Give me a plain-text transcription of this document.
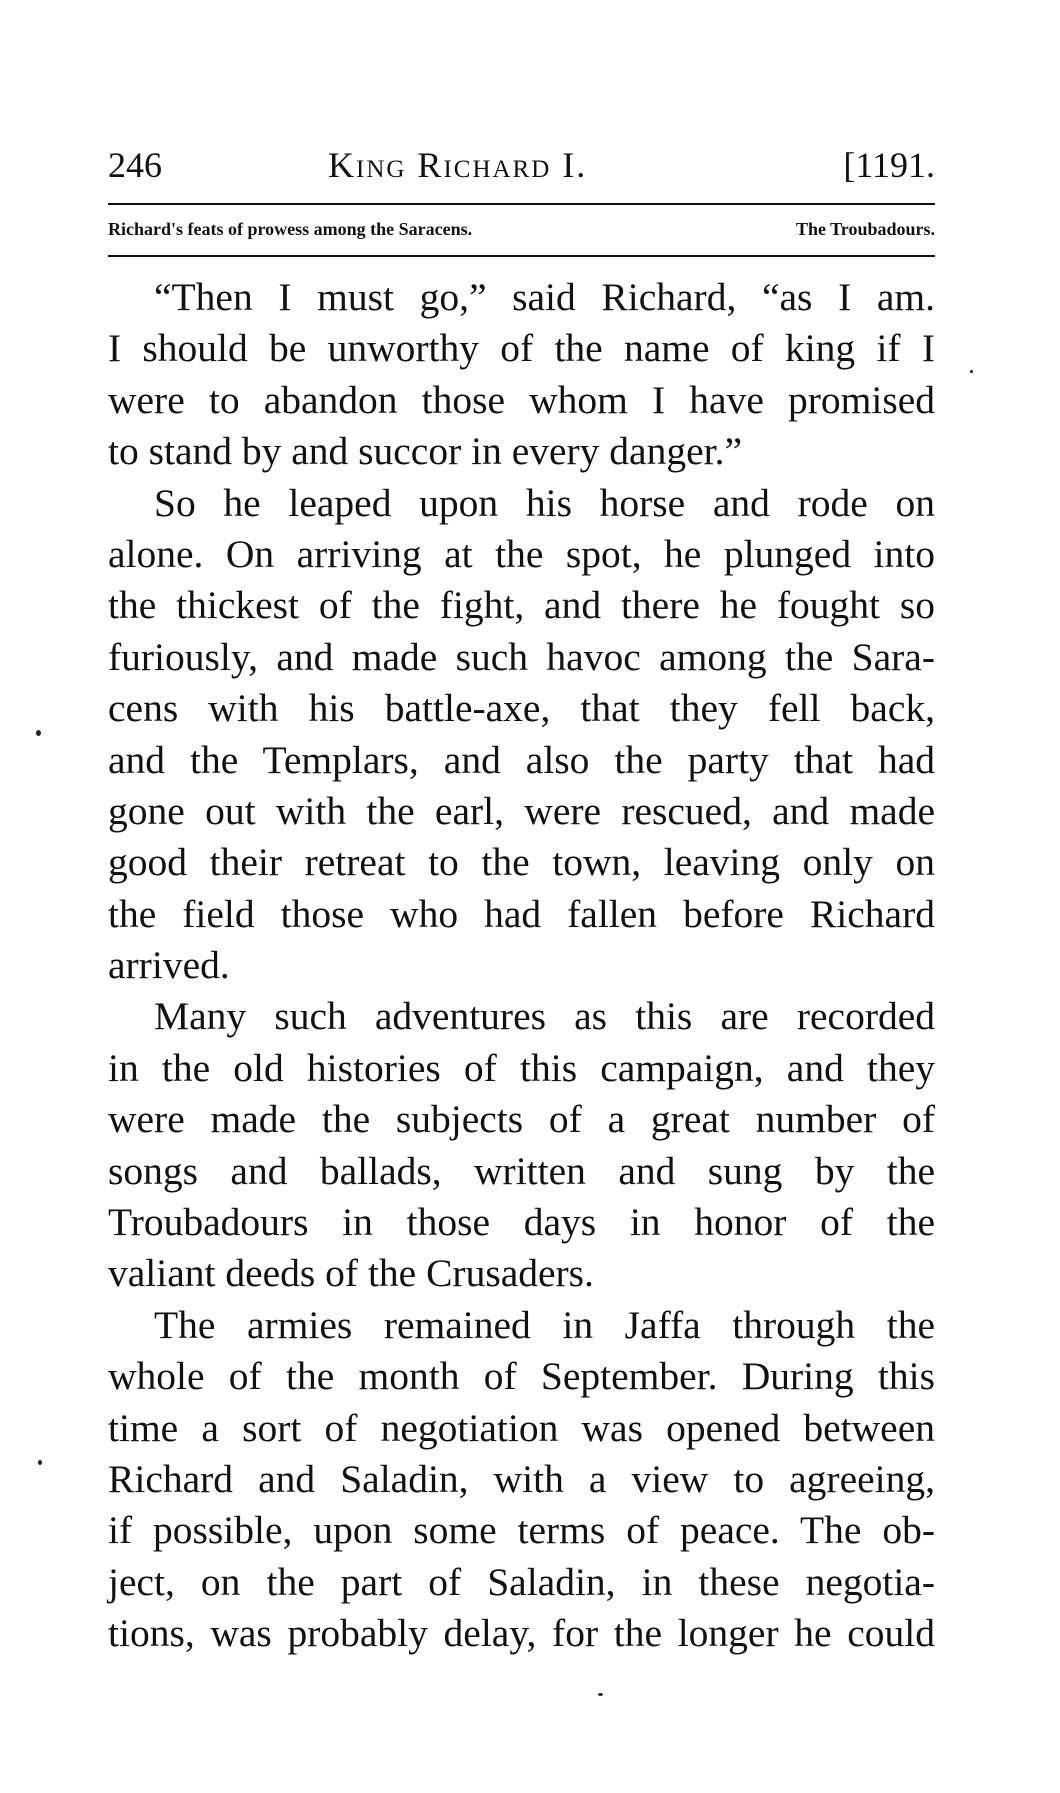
246	King Richard I.	[1191.
Richard's feats of prowess among the Saracens.	The Troubadours.
“Then I must go,” said Richard, “as I am.
I should be unworthy of the name of king if I
were to abandon those whom I have promised
to stand by and succor in every danger.”
So he leaped upon his horse and rode on
alone. On arriving at the spot, he plunged into
the thickest of the fight, and there he fought so
furiously, and made such havoc among the Sara-
cens with his battle-axe, that they fell back,
and the Templars, and also the party that had
gone out with the earl, were rescued, and made
good their retreat to the town, leaving only on
the field those who had fallen before Richard
arrived.
Many such adventures as this are recorded
in the old histories of this campaign, and they
were made the subjects of a great number of
songs and ballads, written and sung by the
Troubadours in those days in honor of the
valiant deeds of the Crusaders.
The armies remained in Jaffa through the
whole of the month of September. During this
time a sort of negotiation was opened between
Richard and Saladin, with a view to agreeing,
if possible, upon some terms of peace. The ob-
ject, on the part of Saladin, in these negotia-
tions, was probably delay, for the longer he could
